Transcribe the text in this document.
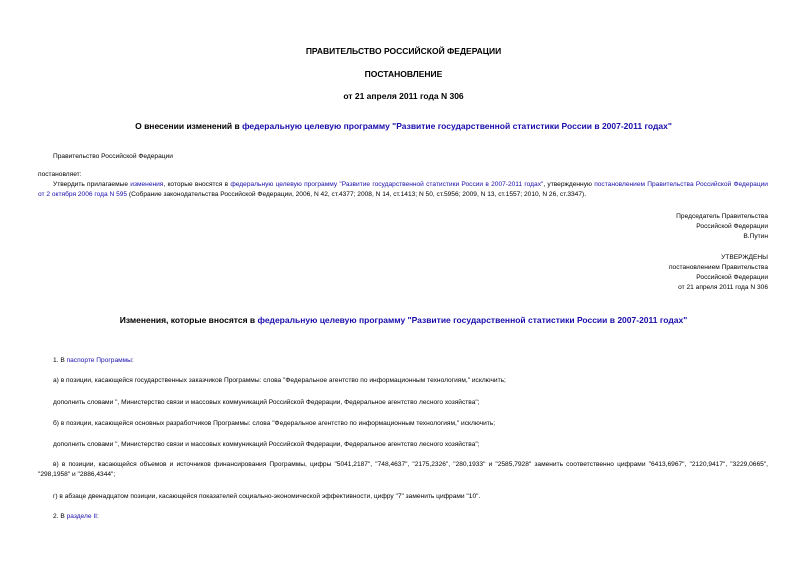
ПРАВИТЕЛЬСТВО РОССИЙСКОЙ ФЕДЕРАЦИИ
ПОСТАНОВЛЕНИЕ
от 21 апреля 2011 года N 306
О внесении изменений в федеральную целевую программу "Развитие государственной статистики России в 2007-2011 годах"
Правительство Российской Федерации
постановляет:
Утвердить прилагаемые изменения, которые вносятся в федеральную целевую программу "Развитие государственной статистики России в 2007-2011 годах", утвержденную постановлением Правительства Российской Федерации от 2 октября 2006 года N 595 (Собрание законодательства Российской Федерации, 2006, N 42, ст.4377; 2008, N 14, ст.1413; N 50, ст.5956; 2009, N 13, ст.1557; 2010, N 26, ст.3347).
Председатель Правительства
Российской Федерации
В.Путин
УТВЕРЖДЕНЫ
постановлением Правительства
Российской Федерации
от 21 апреля 2011 года N 306
Изменения, которые вносятся в федеральную целевую программу "Развитие государственной статистики России в 2007-2011 годах"
1. В паспорте Программы:
а) в позиции, касающейся государственных заказчиков Программы: слова "Федеральное агентство по информационным технологиям," исключить;
дополнить словами ", Министерство связи и массовых коммуникаций Российской Федерации, Федеральное агентство лесного хозяйства";
б) в позиции, касающейся основных разработчиков Программы: слова "Федеральное агентство по информационным технологиям," исключить;
дополнить словами ", Министерство связи и массовых коммуникаций Российской Федерации, Федеральное агентство лесного хозяйства";
в) в позиции, касающейся объемов и источников финансирования Программы, цифры "5041,2187", "748,4637", "2175,2326", "280,1933" и "2585,7928" заменить соответственно цифрами "6413,6967", "2120,9417", "3229,0665", "298,1958" и "2886,4344";
г) в абзаце двенадцатом позиции, касающейся показателей социально-экономической эффективности, цифру "7" заменить цифрами "10".
2. В разделе II:
